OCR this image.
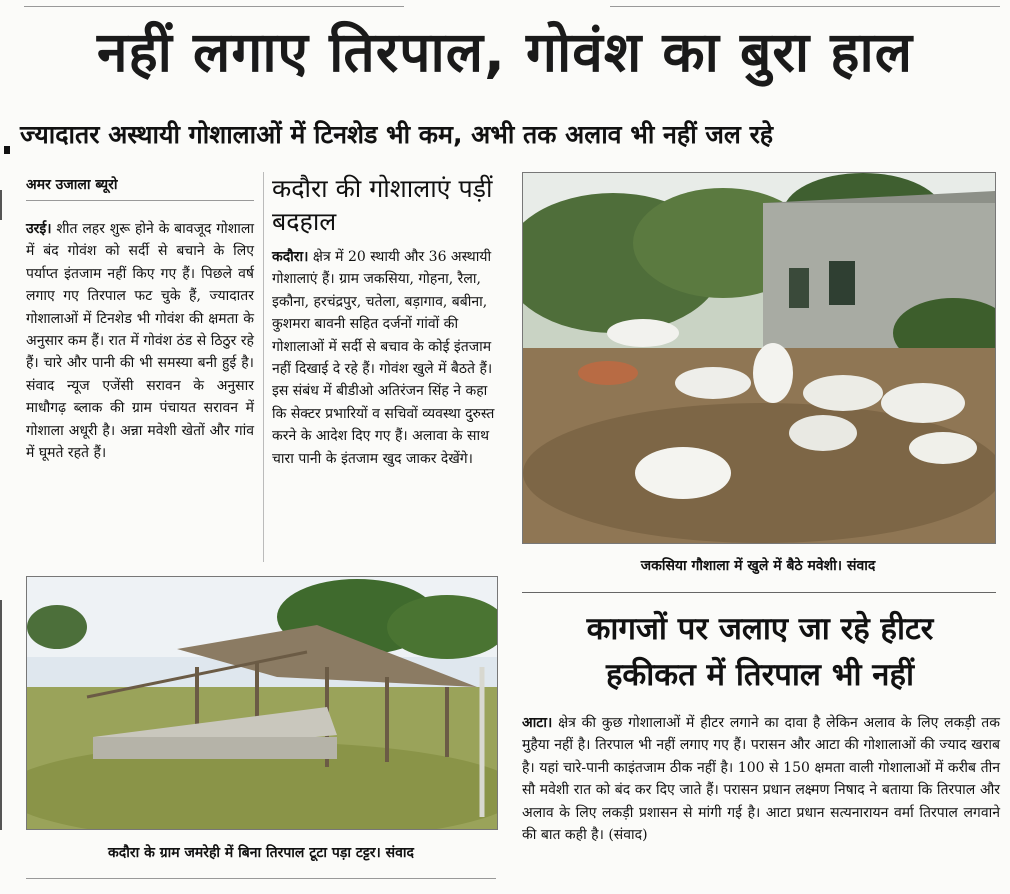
नहीं लगाए तिरपाल, गोवंश का बुरा हाल
ज्यादातर अस्थायी गोशालाओं में टिनशेड भी कम, अभी तक अलाव भी नहीं जल रहे
अमर उजाला ब्यूरो
उरई। शीत लहर शुरू होने के बावजूद गोशाला में बंद गोवंश को सर्दी से बचाने के लिए पर्याप्त इंतजाम नहीं किए गए हैं। पिछले वर्ष लगाए गए तिरपाल फट चुके हैं, ज्यादातर गोशालाओं में टिनशेड भी गोवंश की क्षमता के अनुसार कम हैं। रात में गोवंश ठंड से ठिठुर रहे हैं। चारे और पानी की भी समस्या बनी हुई है। संवाद न्यूज एजेंसी सरावन के अनुसार माधौगढ़ ब्लाक की ग्राम पंचायत सरावन में गोशाला अधूरी है। अन्ना मवेशी खेतों और गांव में घूमते रहते हैं।
कदौरा की गोशालाएं पड़ीं बदहाल
कदौरा। क्षेत्र में 20 स्थायी और 36 अस्थायी गोशालाएं हैं। ग्राम जकसिया, गोहना, रैला, इकौना, हरचंद्रपुर, चतेला, बड़ागाव, बबीना, कुशमरा बावनी सहित दर्जनों गांवों की गोशालाओं में सर्दी से बचाव के कोई इंतजाम नहीं दिखाई दे रहे हैं। गोवंश खुले में बैठते हैं। इस संबंध में बीडीओ अतिरंजन सिंह ने कहा कि सेक्टर प्रभारियों व सचिवों व्यवस्था दुरुस्त करने के आदेश दिए गए हैं। अलावा के साथ चारा पानी के इंतजाम खुद जाकर देखेंगे।
जकसिया गौशाला में खुले में बैठे मवेशी। संवाद
कदौरा के ग्राम जमरेही में बिना तिरपाल टूटा पड़ा टट्टर। संवाद
कागजों पर जलाए जा रहे हीटर
हकीकत में तिरपाल भी नहीं
आटा। क्षेत्र की कुछ गोशालाओं में हीटर लगाने का दावा है लेकिन अलाव के लिए लकड़ी तक मुहैया नहीं है। तिरपाल भी नहीं लगाए गए हैं। परासन और आटा की गोशालाओं की ज्याद खराब है। यहां चारे-पानी काइंतजाम ठीक नहीं है। 100 से 150 क्षमता वाली गोशालाओं में करीब तीन सौ मवेशी रात को बंद कर दिए जाते हैं। परासन प्रधान लक्ष्मण निषाद ने बताया कि तिरपाल और अलाव के लिए लकड़ी प्रशासन से मांगी गई है। आटा प्रधान सत्यनारायन वर्मा तिरपाल लगवाने की बात कही है। (संवाद)
